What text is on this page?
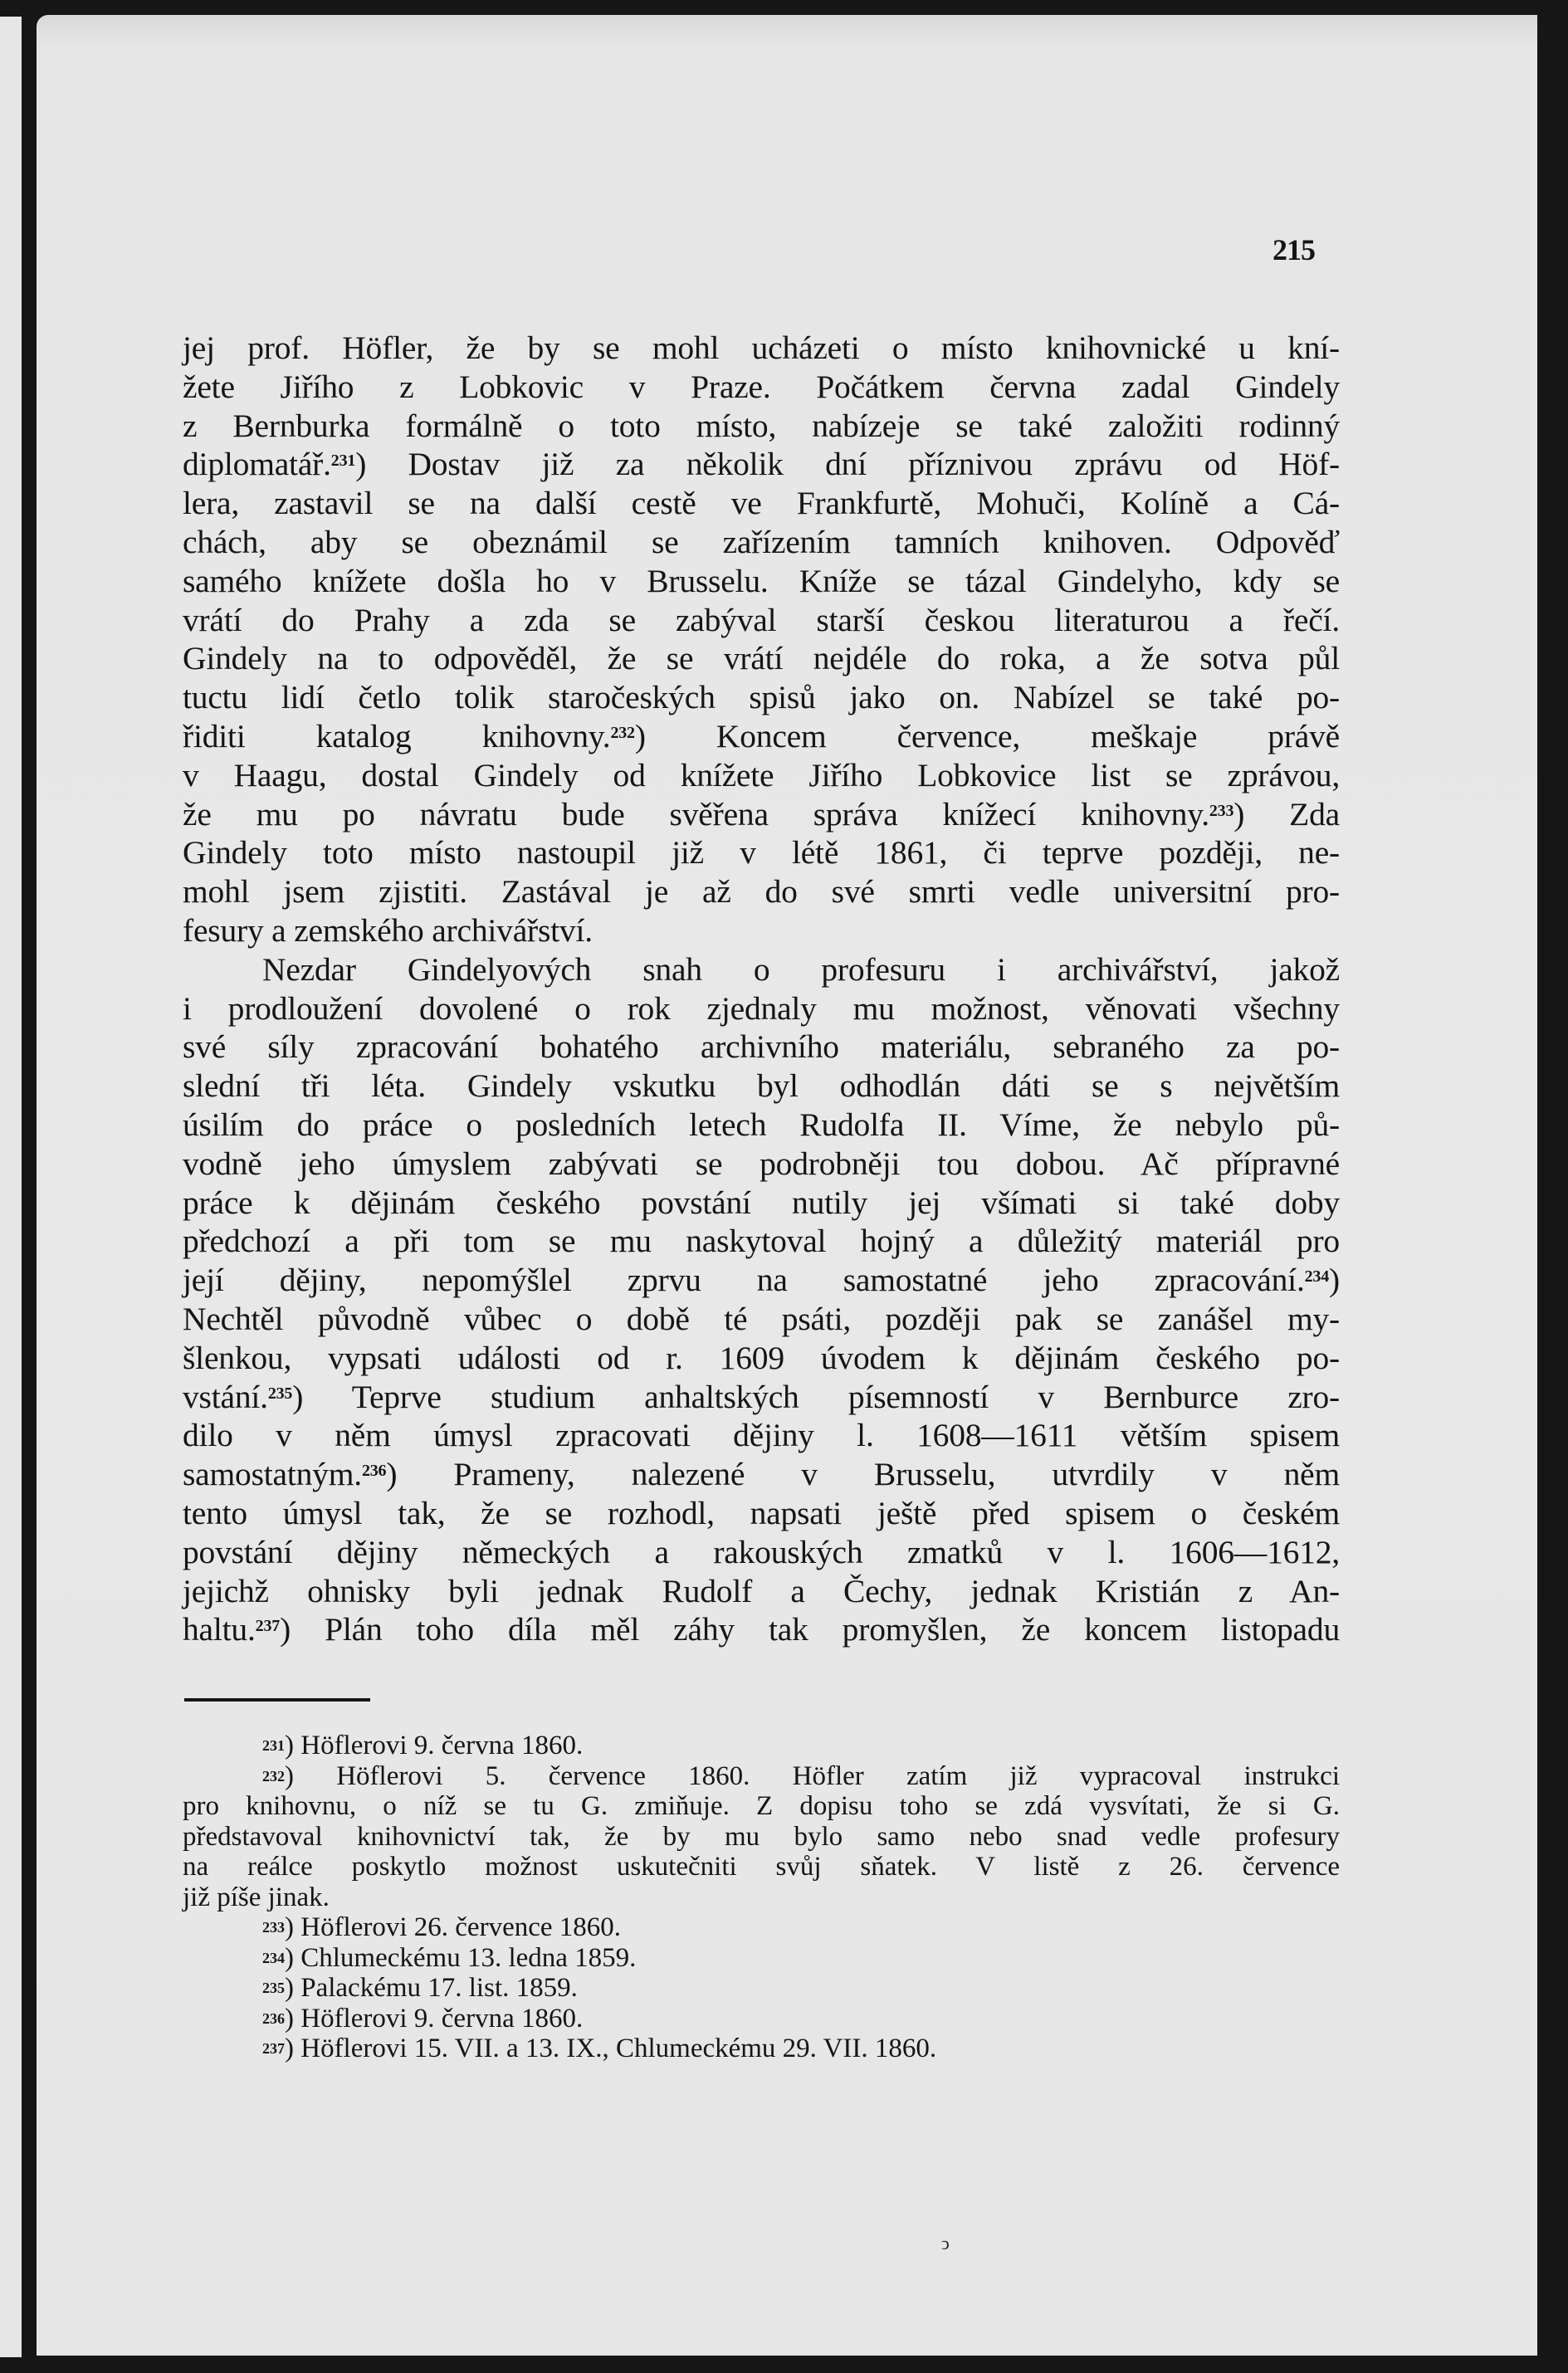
215
jej prof. Höfler, že by se mohl ucházeti o místo knihovnické u kní-
žete Jiřího z Lobkovic v Praze. Počátkem června zadal Gindely
z Bernburka formálně o toto místo, nabízeje se také založiti rodinný
diplomatář.$^{231}$) Dostav již za několik dní příznivou zprávu od Höf-
lera, zastavil se na další cestě ve Frankfurtě, Mohuči, Kolíně a Cá-
chách, aby se obeznámil se zařízením tamních knihoven. Odpověď
samého knížete došla ho v Brusselu. Kníže se tázal Gindelyho, kdy se
vrátí do Prahy a zda se zabýval starší českou literaturou a řečí.
Gindely na to odpověděl, že se vrátí nejdéle do roka, a že sotva půl
tuctu lidí četlo tolik staročeských spisů jako on. Nabízel se také po-
řiditi katalog knihovny.$^{232}$) Koncem července, meškaje právě
v Haagu, dostal Gindely od knížete Jiřího Lobkovice list se zprávou,
že mu po návratu bude svěřena správa knížecí knihovny.$^{233}$) Zda
Gindely toto místo nastoupil již v létě 1861, či teprve později, ne-
mohl jsem zjistiti. Zastával je až do své smrti vedle universitní pro-
fesury a zemského archivářství.
Nezdar Gindelyových snah o profesuru i archivářství, jakož
i prodloužení dovolené o rok zjednaly mu možnost, věnovati všechny
své síly zpracování bohatého archivního materiálu, sebraného za po-
slední tři léta. Gindely vskutku byl odhodlán dáti se s největším
úsilím do práce o posledních letech Rudolfa II. Víme, že nebylo pů-
vodně jeho úmyslem zabývati se podrobněji tou dobou. Ač přípravné
práce k dějinám českého povstání nutily jej všímati si také doby
předchozí a při tom se mu naskytoval hojný a důležitý materiál pro
její dějiny, nepomýšlel zprvu na samostatné jeho zpracování.$^{234}$)
Nechtěl původně vůbec o době té psáti, později pak se zanášel my-
šlenkou, vypsati události od r. 1609 úvodem k dějinám českého po-
vstání.$^{235}$) Teprve studium anhaltských písemností v Bernburce zro-
dilo v něm úmysl zpracovati dějiny l. 1608—1611 větším spisem
samostatným.$^{236}$) Prameny, nalezené v Brusselu, utvrdily v něm
tento úmysl tak, že se rozhodl, napsati ještě před spisem o českém
povstání dějiny německých a rakouských zmatků v l. 1606—1612,
jejichž ohnisky byli jednak Rudolf a Čechy, jednak Kristián z An-
haltu.$^{237}$) Plán toho díla měl záhy tak promyšlen, že koncem listopadu
$^{231}$) Höflerovi 9. června 1860.
$^{232}$) Höflerovi 5. července 1860. Höfler zatím již vypracoval instrukci
pro knihovnu, o níž se tu G. zmiňuje. Z dopisu toho se zdá vysvítati, že si G.
představoval knihovnictví tak, že by mu bylo samo nebo snad vedle profesury
na reálce poskytlo možnost uskutečniti svůj sňatek. V listě z 26. července
již píše jinak.
$^{233}$) Höflerovi 26. července 1860.
$^{234}$) Chlumeckému 13. ledna 1859.
$^{235}$) Palackému 17. list. 1859.
$^{236}$) Höflerovi 9. června 1860.
$^{237}$) Höflerovi 15. VII. a 13. IX., Chlumeckému 29. VII. 1860.
ͻ
